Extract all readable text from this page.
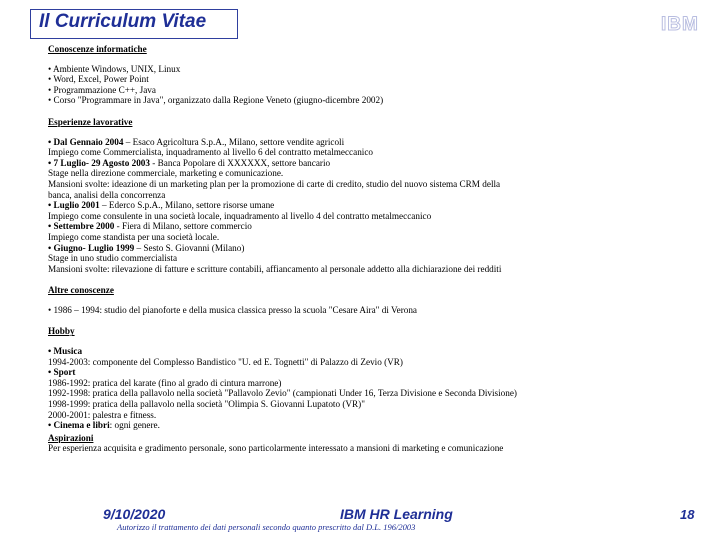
Il Curriculum Vitae	IBM
Conoscenze informatiche
• Ambiente Windows, UNIX, Linux
• Word, Excel, Power Point
• Programmazione C++, Java
• Corso "Programmare in Java", organizzato dalla Regione Veneto (giugno-dicembre 2002)
Esperienze lavorative
• Dal Gennaio 2004 – Esaco Agricoltura S.p.A., Milano, settore vendite agricoli
Impiego come Commercialista, inquadramento al livello 6 del contratto metalmeccanico
• 7 Luglio- 29 Agosto 2003 - Banca Popolare di XXXXXX, settore bancario
Stage nella direzione commerciale, marketing e comunicazione.
Mansioni svolte: ideazione di un marketing plan per la promozione di carte di credito, studio del nuovo sistema CRM della banca, analisi della concorrenza
• Luglio 2001 – Ederco S.p.A., Milano, settore risorse umane
Impiego come consulente in una società locale, inquadramento al livello 4 del contratto metalmeccanico
• Settembre 2000 - Fiera di Milano, settore commercio
Impiego come standista per una società locale.
• Giugno- Luglio 1999 – Sesto S. Giovanni (Milano)
Stage in uno studio commercialista
Mansioni svolte: rilevazione di fatture e scritture contabili, affiancamento al personale addetto alla dichiarazione dei redditi
Altre conoscenze
• 1986 – 1994: studio del pianoforte e della musica classica presso la scuola "Cesare Aira" di Verona
Hobby
• Musica
1994-2003: componente del Complesso Bandistico "U. ed E. Tognetti" di Palazzo di Zevio (VR)
• Sport
1986-1992: pratica del karate (fino al grado di cintura marrone)
1992-1998: pratica della pallavolo nella società "Pallavolo Zevio" (campionati Under 16, Terza Divisione e Seconda Divisione)
1998-1999: pratica della pallavolo nella società "Olimpia S. Giovanni Lupatoto (VR)"
2000-2001: palestra e fitness.
• Cinema e libri: ogni genere.
Aspirazioni
Per esperienza acquisita e gradimento personale, sono particolarmente interessato a mansioni di marketing e comunicazione
9/10/2020	IBM HR Learning	18
Autorizzo il trattamento dei dati personali secondo quanto prescritto dal D.L. 196/2003
